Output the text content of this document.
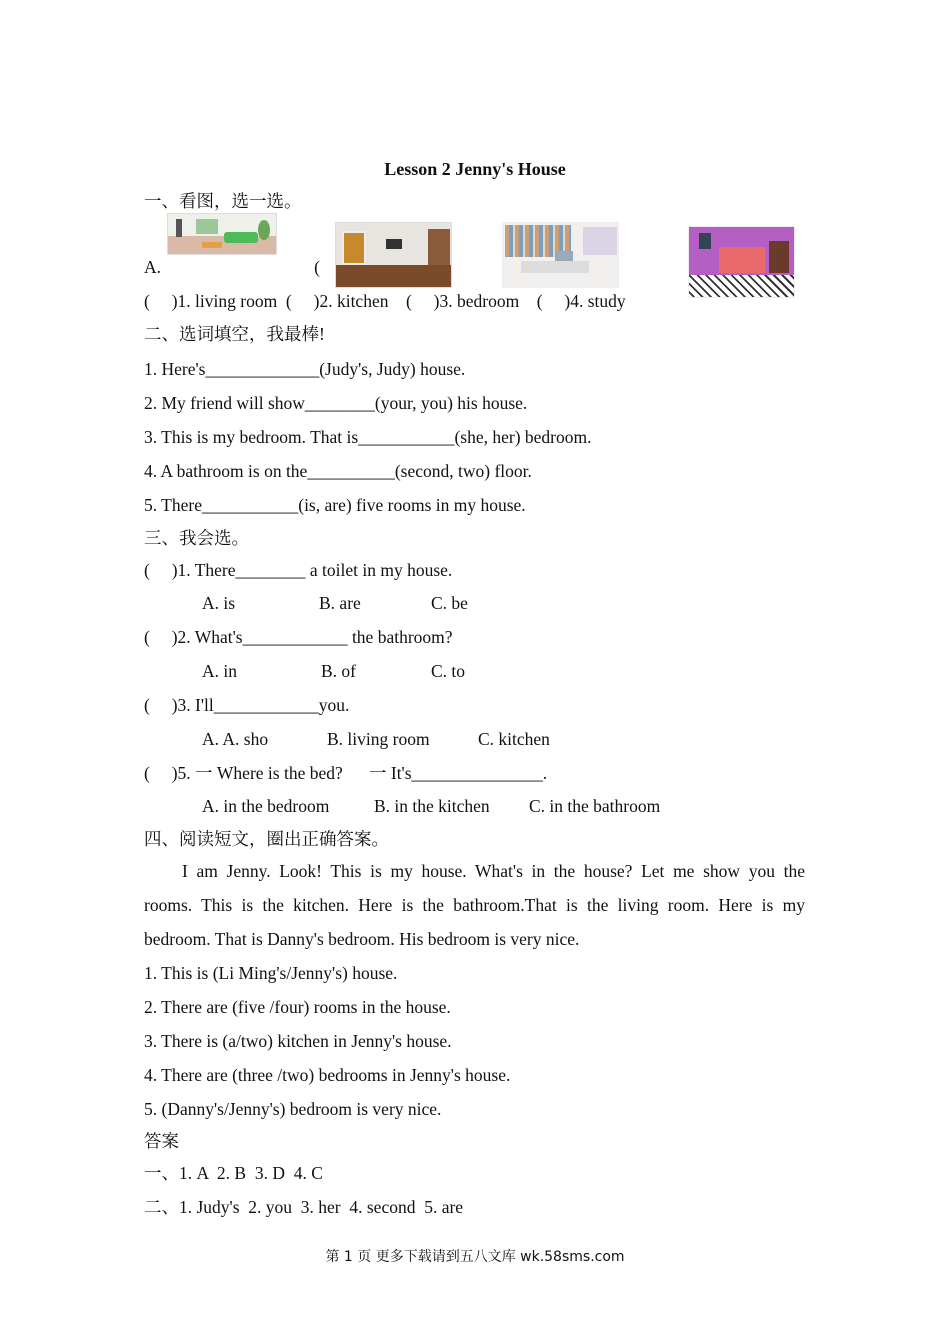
Lesson 2 Jenny's House
一、看图，选一选。
A.                                   (
(     )1. living room  (     )2. kitchen    (     )3. bedroom    (     )4. study
二、选词填空，我最棒!
1. Here's_____________(Judy's, Judy) house.
2. My friend will show________(your, you) his house.
3. This is my bedroom. That is___________(she, her) bedroom.
4. A bathroom is on the__________(second, two) floor.
5. There___________(is, are) five rooms in my house.
三、我会选。
(     )1. There________ a toilet in my house.
A. is	B. are	C. be
(     )2. What's____________ the bathroom?
A. in	B. of	C. to
(     )3. I'll____________you.
A. A. sho	B. living room	C. kitchen
(     )5. 一 Where is the bed?      一 It's_______________.
A. in the bedroom	B. in the kitchen C. in the bathroom
四、阅读短文，圈出正确答案。
I am Jenny. Look! This is my house. What's in the house? Let me show you the
rooms. This is the kitchen. Here is the bathroom.That is the living room. Here is my
bedroom. That is Danny's bedroom. His bedroom is very nice.
1. This is (Li Ming's/Jenny's) house.
2. There are (five /four) rooms in the house.
3. There is (a/two) kitchen in Jenny's house.
4. There are (three /two) bedrooms in Jenny's house.
5. (Danny's/Jenny's) bedroom is very nice.
答案
一、1. A  2. B  3. D  4. C
二、1. Judy's  2. you  3. her  4. second  5. are
第 1 页 更多下载请到五八文库 wk.58sms.com
